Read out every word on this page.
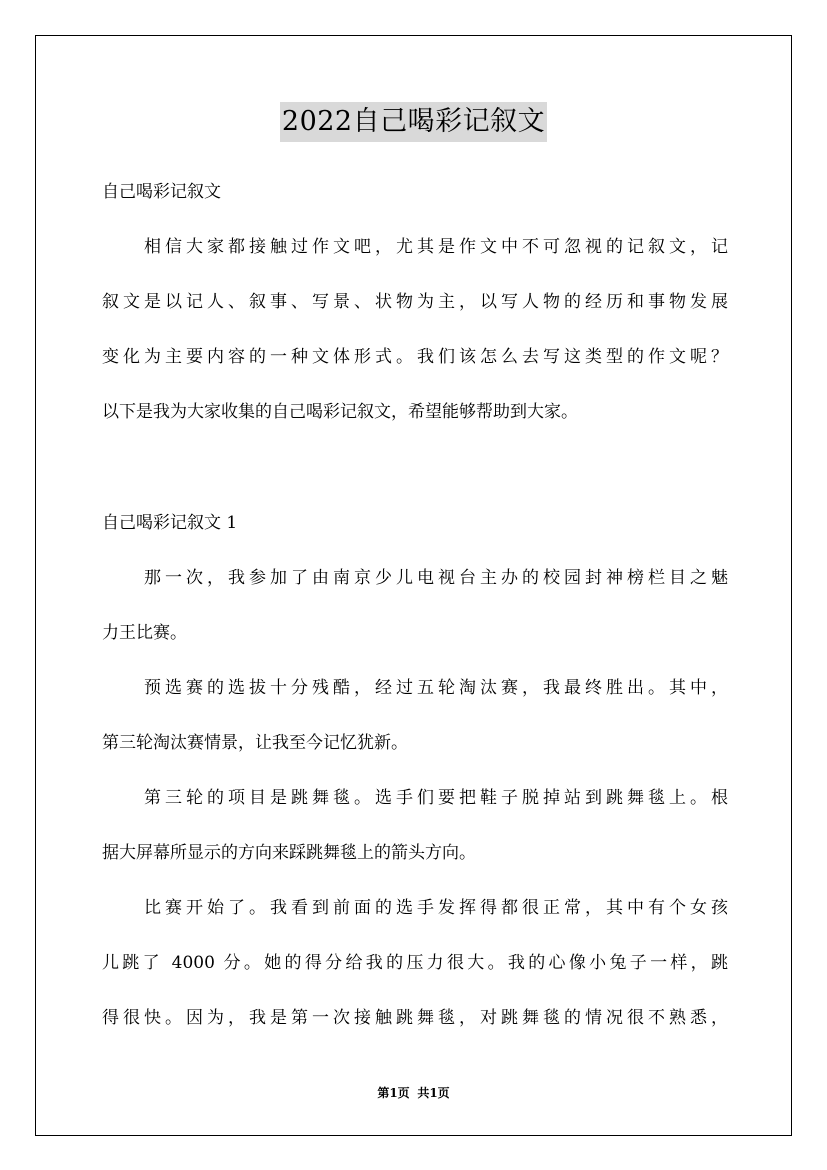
2022自己喝彩记叙文
自己喝彩记叙文
相信大家都接触过作文吧，尤其是作文中不可忽视的记叙文，记
叙文是以记人、叙事、写景、状物为主，以写人物的经历和事物发展
变化为主要内容的一种文体形式。我们该怎么去写这类型的作文呢？
以下是我为大家收集的自己喝彩记叙文，希望能够帮助到大家。
自己喝彩记叙文 1
那一次，我参加了由南京少儿电视台主办的校园封神榜栏目之魅
力王比赛。
预选赛的选拔十分残酷，经过五轮淘汰赛，我最终胜出。其中，
第三轮淘汰赛情景，让我至今记忆犹新。
第三轮的项目是跳舞毯。选手们要把鞋子脱掉站到跳舞毯上。根
据大屏幕所显示的方向来踩跳舞毯上的箭头方向。
比赛开始了。我看到前面的选手发挥得都很正常，其中有个女孩
儿跳了 4000 分。她的得分给我的压力很大。我的心像小兔子一样，跳
得很快。因为，我是第一次接触跳舞毯，对跳舞毯的情况很不熟悉，
第1页 共1页
